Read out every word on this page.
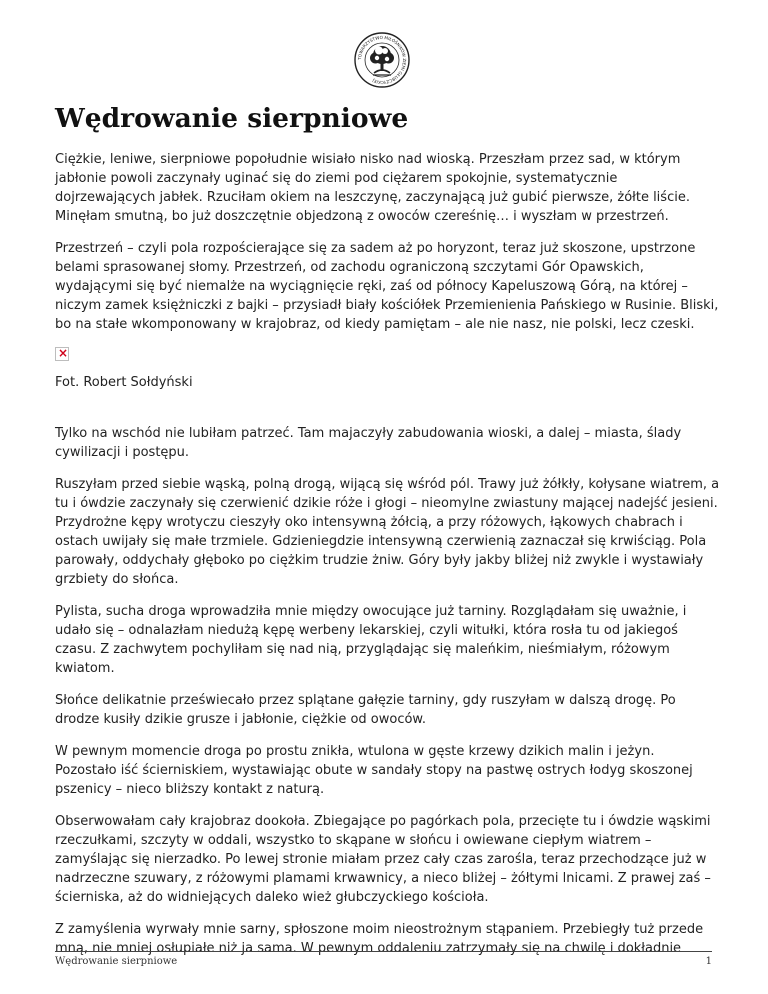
TOWARZYSTWO MIŁOŚNIKÓW ZIEMI GŁUBCZYCKIEJ
Wędrowanie sierpniowe

Ciężkie, leniwe, sierpniowe popołudnie wisiało nisko nad wioską. Przeszłam przez sad, w którym jabłonie powoli zaczynały uginać się do ziemi pod ciężarem spokojnie, systematycznie dojrzewających jabłek. Rzuciłam okiem na leszczynę, zaczynającą już gubić pierwsze, żółte liście. Minęłam smutną, bo już doszczętnie objedzoną z owoców czereśnię… i wyszłam w przestrzeń.

Przestrzeń – czyli pola rozpościerające się za sadem aż po horyzont, teraz już skoszone, upstrzone belami sprasowanej słomy. Przestrzeń, od zachodu ograniczoną szczytami Gór Opawskich, wydającymi się być niemalże na wyciągnięcie ręki, zaś od północy Kapeluszową Górą, na której – niczym zamek księżniczki z bajki – przysiadł biały kościółek Przemienienia Pańskiego w Rusinie. Bliski, bo na stałe wkomponowany w krajobraz, od kiedy pamiętam – ale nie nasz, nie polski, lecz czeski.

×

Fot. Robert Sołdyński

Tylko na wschód nie lubiłam patrzeć. Tam majaczyły zabudowania wioski, a dalej – miasta, ślady cywilizacji i postępu.

Ruszyłam przed siebie wąską, polną drogą, wijącą się wśród pól. Trawy już żółkły, kołysane wiatrem, a tu i ówdzie zaczynały się czerwienić dzikie róże i głogi – nieomylne zwiastuny mającej nadejść jesieni. Przydrożne kępy wrotyczu cieszyły oko intensywną żółcią, a przy różowych, łąkowych chabrach i ostach uwijały się małe trzmiele. Gdzieniegdzie intensywną czerwienią zaznaczał się krwiściąg. Pola parowały, oddychały głęboko po ciężkim trudzie żniw. Góry były jakby bliżej niż zwykle i wystawiały grzbiety do słońca.

Pylista, sucha droga wprowadziła mnie między owocujące już tarniny. Rozglądałam się uważnie, i udało się – odnalazłam niedużą kępę werbeny lekarskiej, czyli witułki, która rosła tu od jakiegoś czasu. Z zachwytem pochyliłam się nad nią, przyglądając się maleńkim, nieśmiałym, różowym kwiatom.

Słońce delikatnie przeświecało przez splątane gałęzie tarniny, gdy ruszyłam w dalszą drogę. Po drodze kusiły dzikie grusze i jabłonie, ciężkie od owoców.

W pewnym momencie droga po prostu znikła, wtulona w gęste krzewy dzikich malin i jeżyn. Pozostało iść ścierniskiem, wystawiając obute w sandały stopy na pastwę ostrych łodyg skoszonej pszenicy – nieco bliższy kontakt z naturą.

Obserwowałam cały krajobraz dookoła. Zbiegające po pagórkach pola, przecięte tu i ówdzie wąskimi rzeczułkami, szczyty w oddali, wszystko to skąpane w słońcu i owiewane ciepłym wiatrem – zamyślając się nierzadko. Po lewej stronie miałam przez cały czas zarośla, teraz przechodzące już w nadrzeczne szuwary, z różowymi plamami krwawnicy, a nieco bliżej – żółtymi lnicami. Z prawej zaś – ścierniska, aż do widniejących daleko wież głubczyckiego kościoła.

Z zamyślenia wyrwały mnie sarny, spłoszone moim nieostrożnym stąpaniem. Przebiegły tuż przede mną, nie mniej osłupiałe niż ja sama. W pewnym oddaleniu zatrzymały się na chwilę i dokładnie

Wędrowanie sierpniowe	1
